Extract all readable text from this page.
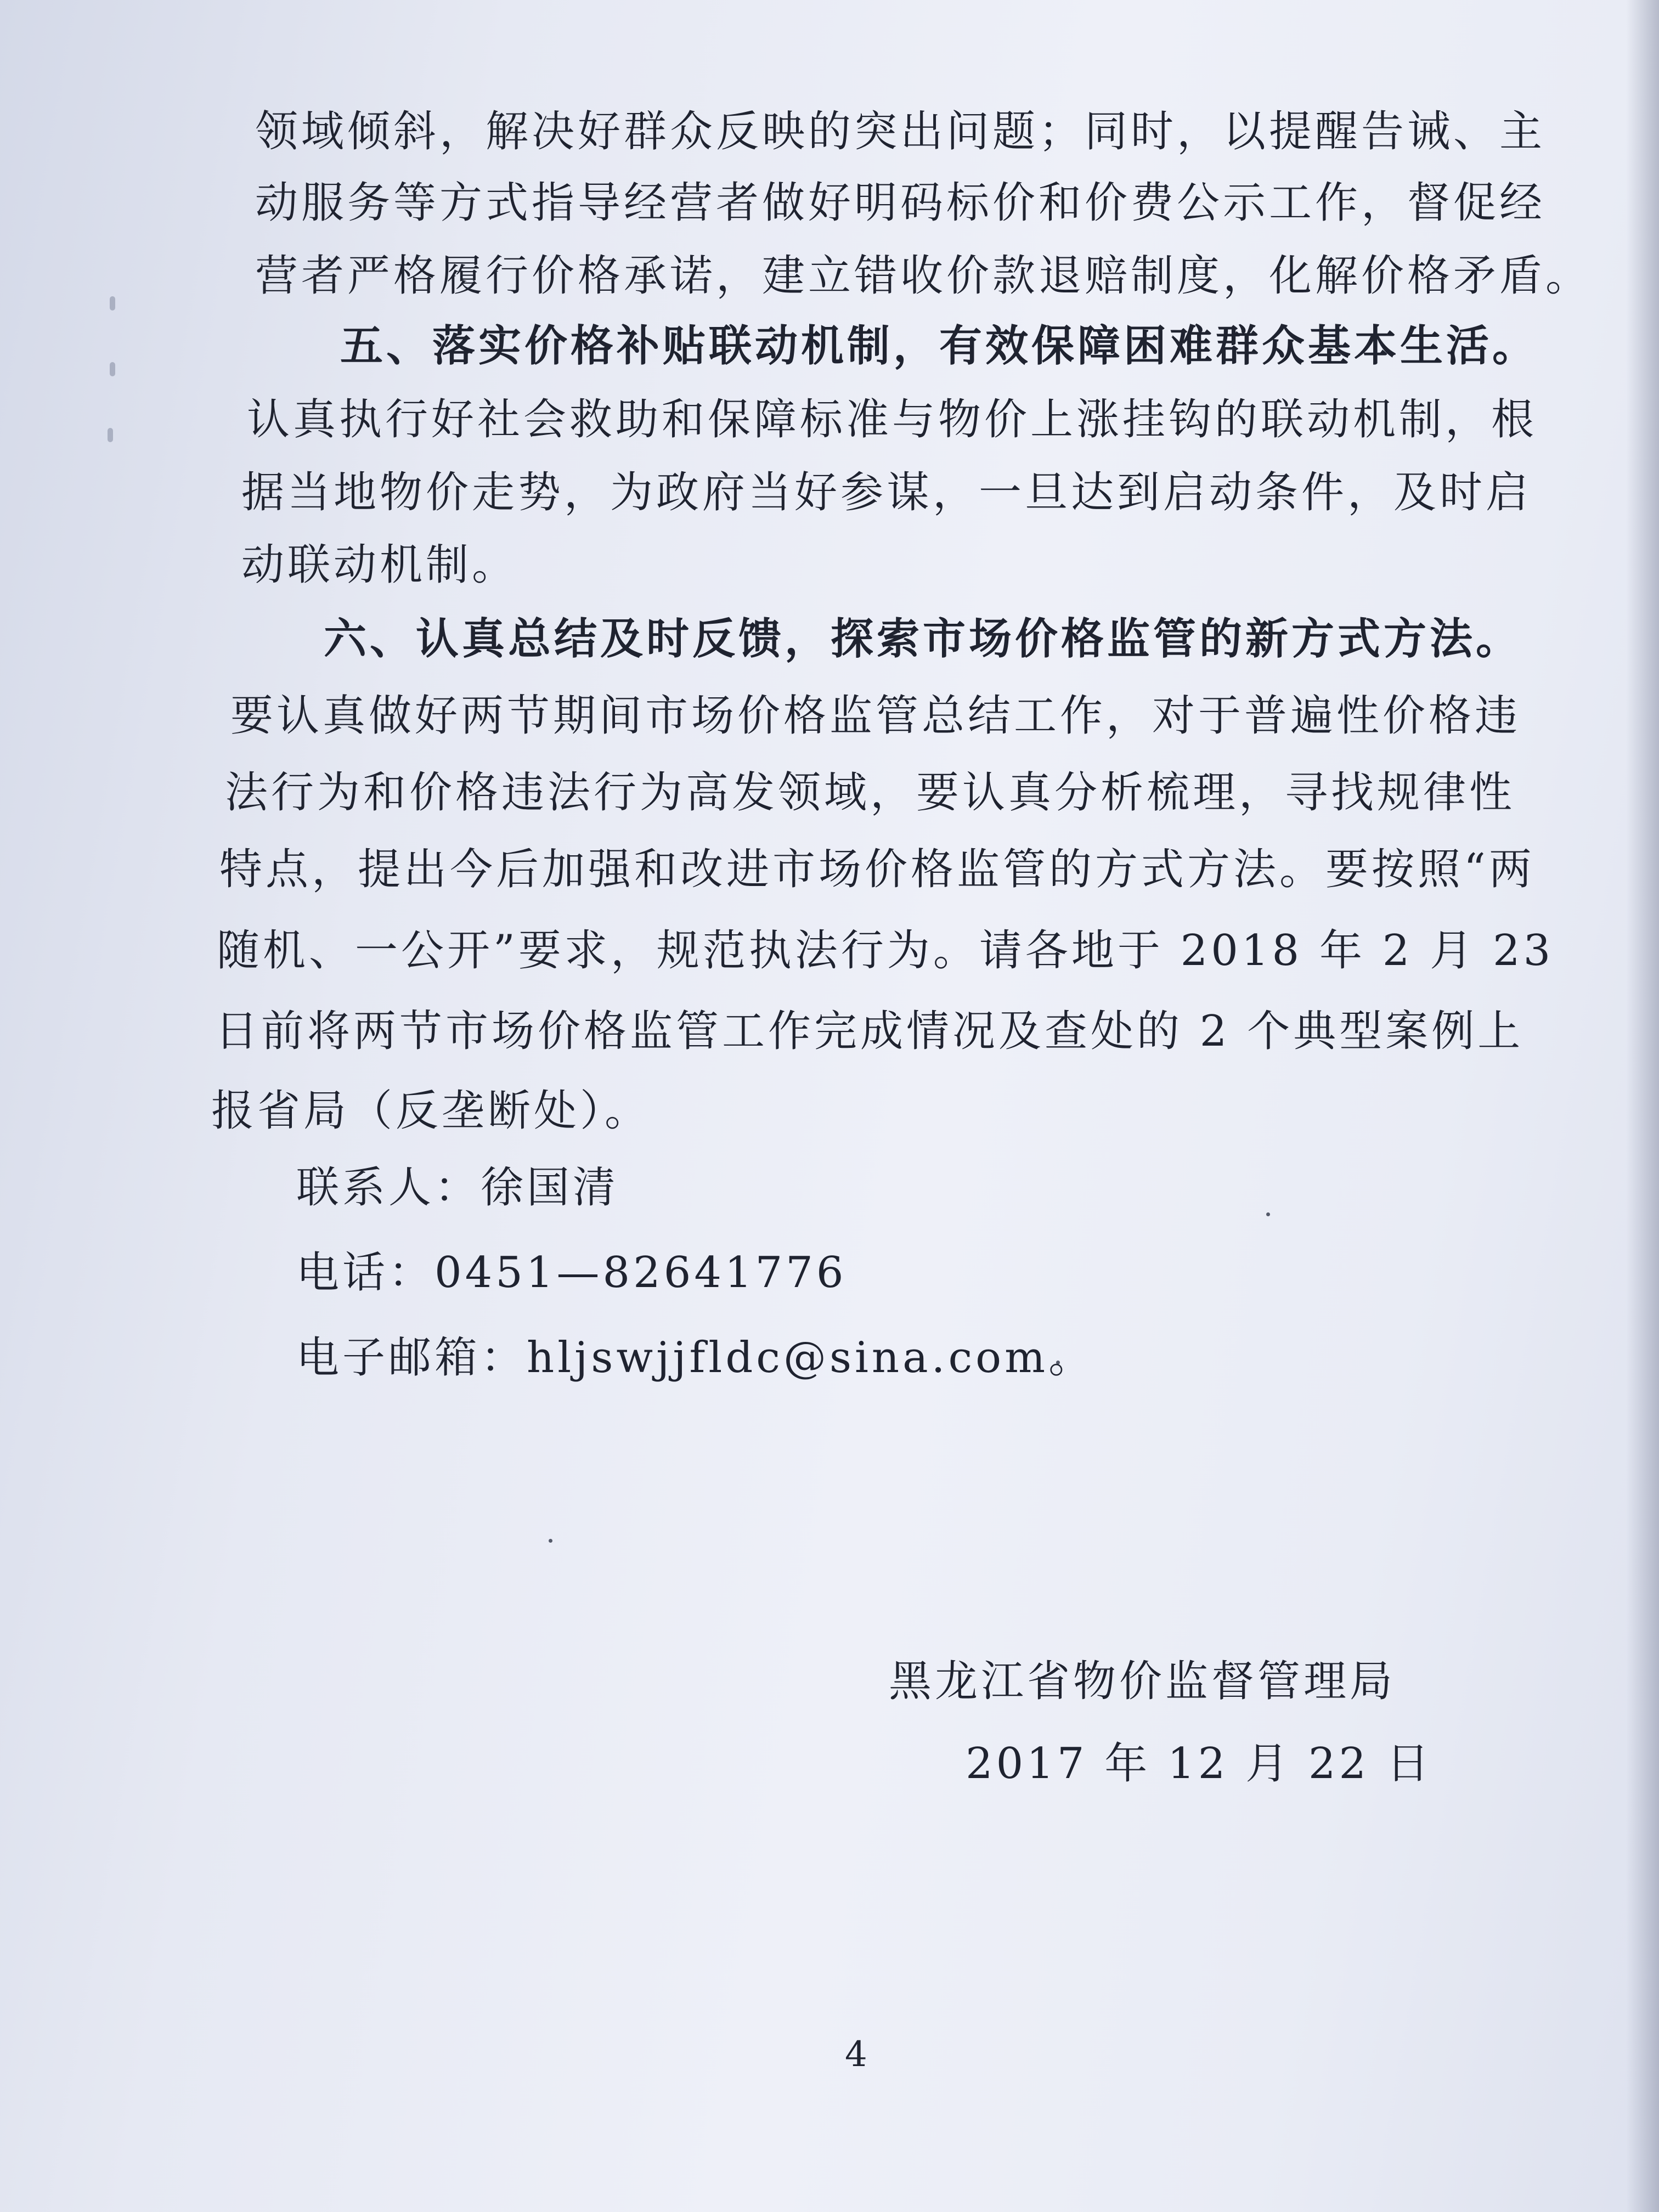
领域倾斜，解决好群众反映的突出问题；同时，以提醒告诫、主
动服务等方式指导经营者做好明码标价和价费公示工作，督促经
营者严格履行价格承诺，建立错收价款退赔制度，化解价格矛盾。
五、落实价格补贴联动机制，有效保障困难群众基本生活。
认真执行好社会救助和保障标准与物价上涨挂钩的联动机制，根
据当地物价走势，为政府当好参谋，一旦达到启动条件，及时启
动联动机制。
六、认真总结及时反馈，探索市场价格监管的新方式方法。
要认真做好两节期间市场价格监管总结工作，对于普遍性价格违
法行为和价格违法行为高发领域，要认真分析梳理，寻找规律性
特点，提出今后加强和改进市场价格监管的方式方法。要按照“两
随机、一公开”要求，规范执法行为。请各地于 2018 年 2 月 23
日前将两节市场价格监管工作完成情况及查处的 2 个典型案例上
报省局（反垄断处）。
联系人：徐国清
电话：0451—82641776
电子邮箱：hljswjjfldc@sina.com。
黑龙江省物价监督管理局
2017 年 12 月 22 日
4
